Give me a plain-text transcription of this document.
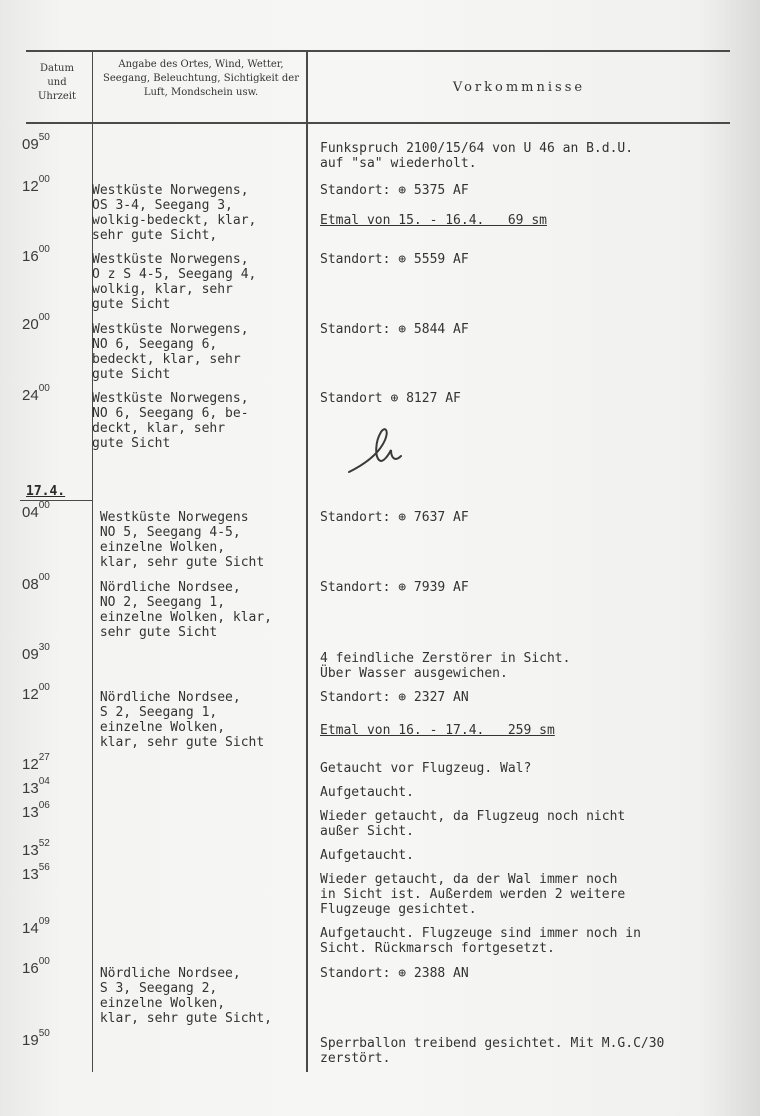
Datum
und
Uhrzeit
Angabe des Ortes, Wind, Wetter, Seegang, Beleuchtung, Sichtigkeit der Luft, Mondschein usw.	Vorkommnisse
17.4.
$09^{50}$
$12^{00}$
$16^{00}$
$20^{00}$
$24^{00}$
$04^{00}$
$08^{00}$
$09^{30}$
$12^{00}$
$12^{27}$
$13^{04}$
$13^{06}$
$13^{52}$
$13^{56}$
$14^{09}$
$16^{00}$
$19^{50}$
Westküste Norwegens,
OS 3-4, Seegang 3,
wolkig-bedeckt, klar,
sehr gute Sicht,
Westküste Norwegens,
O z S 4-5, Seegang 4,
wolkig, klar, sehr
gute Sicht
Westküste Norwegens,
NO 6, Seegang 6,
bedeckt, klar, sehr
gute Sicht
Westküste Norwegens,
NO 6, Seegang 6, be-
deckt, klar, sehr
gute Sicht
Westküste Norwegens
NO 5, Seegang 4-5,
einzelne Wolken,
klar, sehr gute Sicht
Nördliche Nordsee,
NO 2, Seegang 1,
einzelne Wolken, klar,
sehr gute Sicht
Nördliche Nordsee,
S 2, Seegang 1,
einzelne Wolken,
klar, sehr gute Sicht
Nördliche Nordsee,
S 3, Seegang 2,
einzelne Wolken,
klar, sehr gute Sicht,
Funkspruch 2100/15/64 von U 46 an B.d.U.
auf "sa" wiederholt.
Standort: ⊕ 5375 AF
Etmal von 15. - 16.4.   69 sm
Standort: ⊕ 5559 AF
Standort: ⊕ 5844 AF
Standort ⊕ 8127 AF
Standort: ⊕ 7637 AF
Standort: ⊕ 7939 AF
4 feindliche Zerstörer in Sicht.
Über Wasser ausgewichen.
Standort: ⊕ 2327 AN
Etmal von 16. - 17.4.   259 sm
Getaucht vor Flugzeug. Wal?
Aufgetaucht.
Wieder getaucht, da Flugzeug noch nicht
außer Sicht.
Aufgetaucht.
Wieder getaucht, da der Wal immer noch
in Sicht ist. Außerdem werden 2 weitere
Flugzeuge gesichtet.
Aufgetaucht. Flugzeuge sind immer noch in
Sicht. Rückmarsch fortgesetzt.
Standort: ⊕ 2388 AN
Sperrballon treibend gesichtet. Mit M.G.C/30
zerstört.
